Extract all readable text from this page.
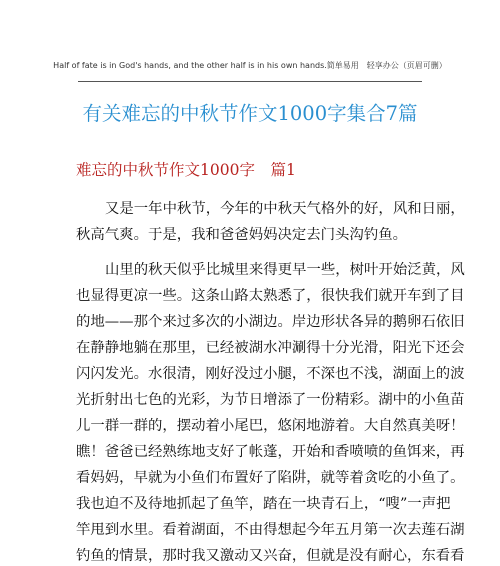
Half of fate is in God's hands, and the other half is in his own hands.简单易用　轻享办公（页眉可删）
有关难忘的中秋节作文1000字集合7篇
难忘的中秋节作文1000字　篇1
又是一年中秋节，今年的中秋天气格外的好，风和日丽，
秋高气爽。于是，我和爸爸妈妈决定去门头沟钓鱼。
山里的秋天似乎比城里来得更早一些，树叶开始泛黄，风
也显得更凉一些。这条山路太熟悉了，很快我们就开车到了目
的地——那个来过多次的小湖边。岸边形状各异的鹅卵石依旧
在静静地躺在那里，已经被湖水冲涮得十分光滑，阳光下还会
闪闪发光。水很清，刚好没过小腿，不深也不浅，湖面上的波
光折射出七色的光彩，为节日增添了一份精彩。湖中的小鱼苗
儿一群一群的，摆动着小尾巴，悠闲地游着。大自然真美呀！
瞧！爸爸已经熟练地支好了帐蓬，开始和香喷喷的鱼饵来，再
看妈妈，早就为小鱼们布置好了陷阱，就等着贪吃的小鱼了。
我也迫不及待地抓起了鱼竿，踏在一块青石上，“嗖”一声把
竿甩到水里。看着湖面，不由得想起今年五月第一次去莲石湖
钓鱼的情景，那时我又激动又兴奋，但就是没有耐心，东看看
